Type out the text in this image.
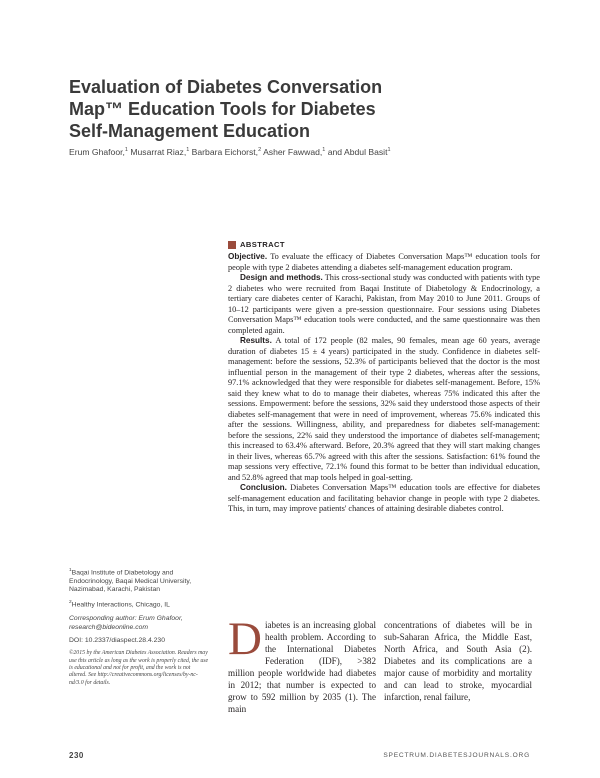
Evaluation of Diabetes Conversation
Map™ Education Tools for Diabetes
Self-Management Education
Erum Ghafoor,$^1$ Musarrat Riaz,$^1$ Barbara Eichorst,$^2$ Asher Fawwad,$^1$ and Abdul Basit$^1$
ABSTRACT

Objective. To evaluate the efficacy of Diabetes Conversation Maps™ education tools for people with type 2 diabetes attending a diabetes self-management education program.

Design and methods. This cross-sectional study was conducted with patients with type 2 diabetes who were recruited from Baqai Institute of Diabetology & Endocrinology, a tertiary care diabetes center of Karachi, Pakistan, from May 2010 to June 2011. Groups of 10–12 participants were given a pre-session questionnaire. Four sessions using Diabetes Conversation Maps™ education tools were conducted, and the same questionnaire was then completed again.

Results. A total of 172 people (82 males, 90 females, mean age 60 years, average duration of diabetes 15 ± 4 years) participated in the study. Confidence in diabetes self-management: before the sessions, 52.3% of participants believed that the doctor is the most influential person in the management of their type 2 diabetes, whereas after the sessions, 97.1% acknowledged that they were responsible for diabetes self-management. Before, 15% said they knew what to do to manage their diabetes, whereas 75% indicated this after the sessions. Empowerment: before the sessions, 32% said they understood those aspects of their diabetes self-management that were in need of improvement, whereas 75.6% indicated this after the sessions. Willingness, ability, and preparedness for diabetes self-management: before the sessions, 22% said they understood the importance of diabetes self-management; this increased to 63.4% afterward. Before, 20.3% agreed that they will start making changes in their lives, whereas 65.7% agreed with this after the sessions. Satisfaction: 61% found the map sessions very effective, 72.1% found this format to be better than individual education, and 52.8% agreed that map tools helped in goal-setting.

Conclusion. Diabetes Conversation Maps™ education tools are effective for diabetes self-management education and facilitating behavior change in people with type 2 diabetes. This, in turn, may improve patients' chances of attaining desirable diabetes control.

$^1$Baqai Institute of Diabetology and Endocrinology, Baqai Medical University, Nazimabad, Karachi, Pakistan

$^2$Healthy Interactions, Chicago, IL

Corresponding author: Erum Ghafoor, research@bideonline.com

DOI: 10.2337/diaspect.28.4.230

©2015 by the American Diabetes Association. Readers may use this article as long as the work is properly cited, the use is educational and not for profit, and the work is not altered. See http://creativecommons.org/licenses/by-nc-nd/3.0 for details.

Diabetes is an increasing global health problem. According to the International Diabetes Federation (IDF), >382 million people worldwide had diabetes in 2012; that number is expected to grow to 592 million by 2035 (1). The main

concentrations of diabetes will be in sub-Saharan Africa, the Middle East, North Africa, and South Asia (2). Diabetes and its complications are a major cause of morbidity and mortality and can lead to stroke, myocardial infarction, renal failure,

230	SPECTRUM.DIABETESJOURNALS.ORG
